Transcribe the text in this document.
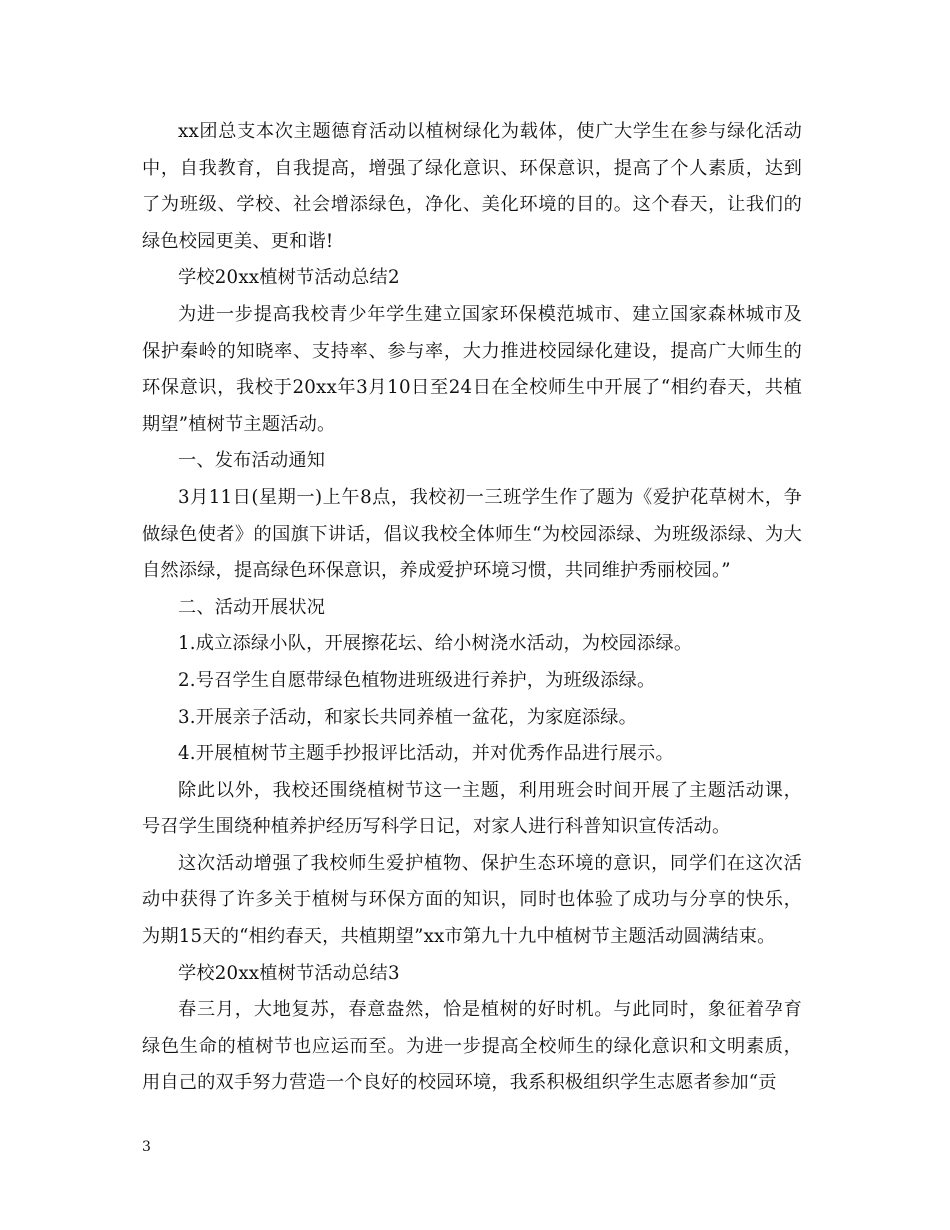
xx团总支本次主题德育活动以植树绿化为载体，使广大学生在参与绿化活动中，自我教育，自我提高，增强了绿化意识、环保意识，提高了个人素质，达到了为班级、学校、社会增添绿色，净化、美化环境的目的。这个春天，让我们的绿色校园更美、更和谐!

学校20xx植树节活动总结2

为进一步提高我校青少年学生建立国家环保模范城市、建立国家森林城市及保护秦岭的知晓率、支持率、参与率，大力推进校园绿化建设，提高广大师生的环保意识，我校于20xx年3月10日至24日在全校师生中开展了“相约春天，共植期望”植树节主题活动。

一、发布活动通知

3月11日(星期一)上午8点，我校初一三班学生作了题为《爱护花草树木，争做绿色使者》的国旗下讲话，倡议我校全体师生“为校园添绿、为班级添绿、为大自然添绿，提高绿色环保意识，养成爱护环境习惯，共同维护秀丽校园。”

二、活动开展状况

1.成立添绿小队，开展擦花坛、给小树浇水活动，为校园添绿。

2.号召学生自愿带绿色植物进班级进行养护，为班级添绿。

3.开展亲子活动，和家长共同养植一盆花，为家庭添绿。

4.开展植树节主题手抄报评比活动，并对优秀作品进行展示。

除此以外，我校还围绕植树节这一主题，利用班会时间开展了主题活动课，号召学生围绕种植养护经历写科学日记，对家人进行科普知识宣传活动。

这次活动增强了我校师生爱护植物、保护生态环境的意识，同学们在这次活动中获得了许多关于植树与环保方面的知识，同时也体验了成功与分享的快乐，为期15天的“相约春天，共植期望”xx市第九十九中植树节主题活动圆满结束。

学校20xx植树节活动总结3

春三月，大地复苏，春意盎然，恰是植树的好时机。与此同时，象征着孕育绿色生命的植树节也应运而至。为进一步提高全校师生的绿化意识和文明素质，用自己的双手努力营造一个良好的校园环境，我系积极组织学生志愿者参加“贡

3
